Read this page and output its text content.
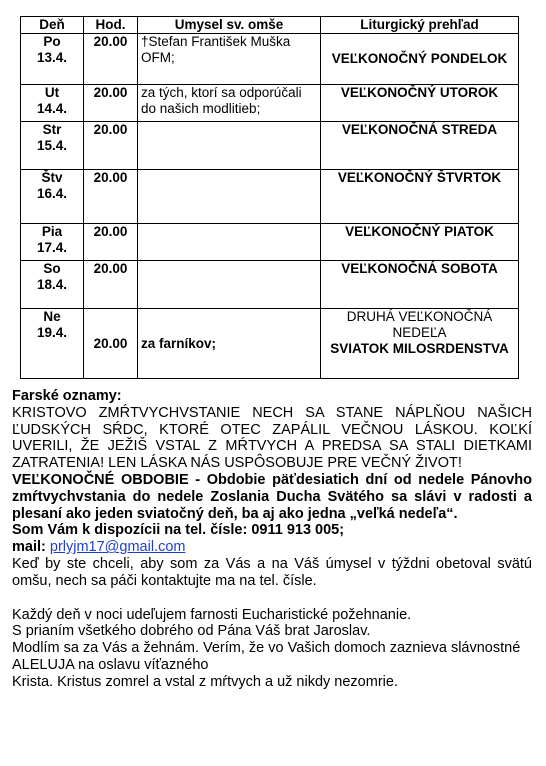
Deň	Hod.	Umysel sv. omše	Liturgický prehľad
Po
13.4.	20.00	†Stefan František Muška OFM;	VEĽKONOČNÝ PONDELOK

Ut
14.4.	20.00	za tých, ktorí sa odporúčali do našich modlitieb;	VEĽKONOČNÝ UTOROK

Str
15.4.	20.00		VEĽKONOČNÁ STREDA

Štv
16.4.	20.00		VEĽKONOČNÝ ŠTVRTOK

Pia
17.4.	20.00		VEĽKONOČNÝ PIATOK

So
18.4.	20.00		VEĽKONOČNÁ SOBOTA

Ne
19.4.	20.00	za farníkov;	DRUHÁ VEĽKONOČNÁ NEDEĽA
SVIATOK MILOSRDENSTVA

Farské oznamy:

KRISTOVO ZMŔTVYCHVSTANIE NECH SA STANE NÁPLŇOU NAŠICH ĽUDSKÝCH SŔDC, KTORÉ OTEC ZAPÁLIL VEČNOU LÁSKOU. KOĽKÍ UVERILI, ŽE JEŽIŠ VSTAL Z MŔTVYCH A PREDSA SA STALI DIETKAMI ZATRATENIA! LEN LÁSKA NÁS USPÔSOBUJE PRE VEČNÝ ŽIVOT!

VEĽKONOČNÉ OBDOBIE - Obdobie päťdesiatich dní od nedele Pánovho zmŕtvychvstania do nedele Zoslania Ducha Svätého sa slávi v radosti a plesaní ako jeden sviatočný deň, ba aj ako jedna „veľká nedeľa“.

Som Vám k dispozícii na tel. čísle: 0911 913 005;

mail: prlyjm17@gmail.com

Keď by ste chceli, aby som za Vás a na Váš úmysel v týždni obetoval svätú omšu, nech sa páči kontaktujte ma na tel. čísle.

Každý deň v noci udeľujem farnosti Eucharistické požehnanie.

S prianím všetkého dobrého od Pána Váš brat Jaroslav.

Modlím sa za Vás a žehnám. Verím, že vo Vašich domoch zaznieva slávnostné ALELUJA na oslavu víťazného

Krista. Kristus zomrel a vstal z mŕtvych a už nikdy nezomrie.
